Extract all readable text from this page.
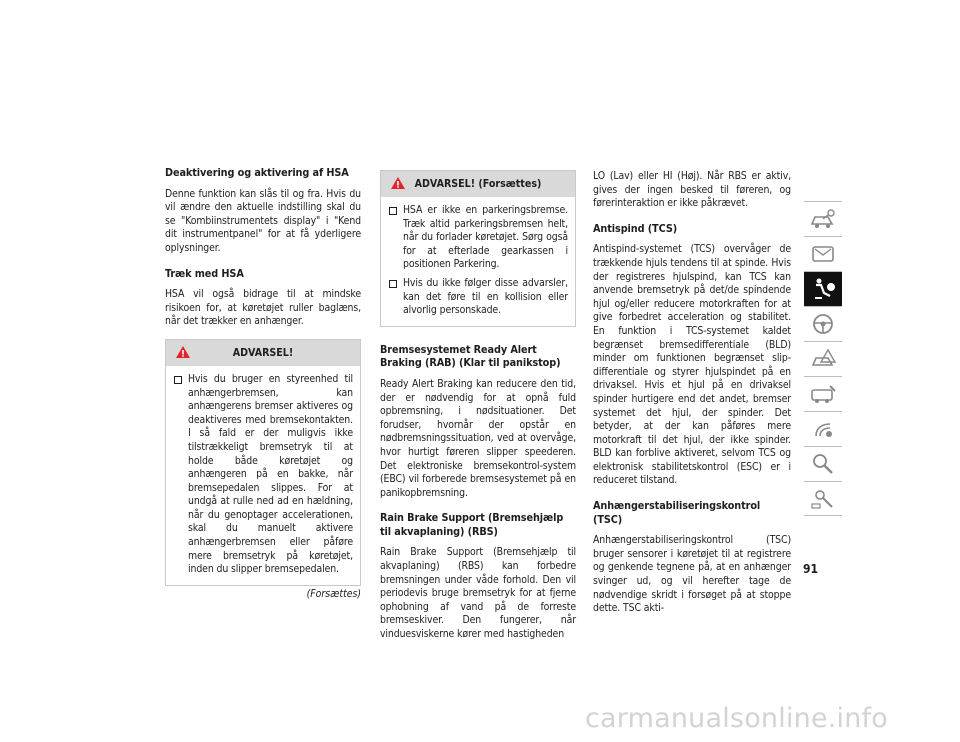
Deaktivering og aktivering af HSA

Denne funktion kan slås til og fra. Hvis du vil ændre den aktuelle indstilling skal du se "Kombiinstrumentets display" i "Kend dit instrumentpanel" for at få yderligere oplysninger.

Træk med HSA

HSA vil også bidrage til at mindske risikoen for, at køretøjet ruller baglæns, når det trækker en anhænger.

ADVARSEL!

Hvis du bruger en styreenhed til anhængerbremsen, kan anhængerens bremser aktiveres og deaktiveres med bremsekontakten. I så fald er der muligvis ikke tilstrækkeligt bremsetryk til at holde både køretøjet og anhængeren på en bakke, når bremsepedalen slippes. For at undgå at rulle ned ad en hældning, når du genoptager accelerationen, skal du manuelt aktivere anhængerbremsen eller påføre mere bremsetryk på køretøjet, inden du slipper bremsepedalen.

(Forsættes)
ADVARSEL! (Forsættes)

HSA er ikke en parkeringsbremse. Træk altid parkeringsbremsen helt, når du forlader køretøjet. Sørg også for at efterlade gearkassen i positionen Parkering.

Hvis du ikke følger disse advarsler, kan det føre til en kollision eller alvorlig personskade.

Bremsesystemet Ready Alert Braking (RAB) (Klar til panikstop)

Ready Alert Braking kan reducere den tid, der er nødvendig for at opnå fuld opbremsning, i nødsituationer. Det forudser, hvornår der opstår en nødbremsningssituation, ved at overvåge, hvor hurtigt føreren slipper speederen. Det elektroniske bremsekontrol-system (EBC) vil forberede bremsesystemet på en panikopbremsning.

Rain Brake Support (Bremsehjælp til akvaplaning) (RBS)

Rain Brake Support (Bremsehjælp til akvaplaning) (RBS) kan forbedre bremsningen under våde forhold. Den vil periodevis bruge bremsetryk for at fjerne ophobning af vand på de forreste bremseskiver. Den fungerer, når vinduesviskerne kører med hastigheden

LO (Lav) eller HI (Høj). Når RBS er aktiv, gives der ingen besked til føreren, og førerinteraktion er ikke påkrævet.

Antispind (TCS)

Antispind-systemet (TCS) overvåger de trækkende hjuls tendens til at spinde. Hvis der registreres hjulspind, kan TCS kan anvende bremsetryk på det/de spindende hjul og/eller reducere motorkraften for at give forbedret acceleration og stabilitet. En funktion i TCS-systemet kaldet begrænset bremsedifferentiale (BLD) minder om funktionen begrænset slip-differentiale og styrer hjulspindet på en drivaksel. Hvis et hjul på en drivaksel spinder hurtigere end det andet, bremser systemet det hjul, der spinder. Det betyder, at der kan påføres mere motorkraft til det hjul, der ikke spinder. BLD kan forblive aktiveret, selvom TCS og elektronisk stabilitetskontrol (ESC) er i reduceret tilstand.

Anhængerstabiliseringskontrol (TSC)

Anhængerstabiliseringskontrol (TSC) bruger sensorer i køretøjet til at registrere og genkende tegnene på, at en anhænger svinger ud, og vil herefter tage de nødvendige skridt i forsøget på at stoppe dette. TSC akti-

91
carmanualsonline.info
